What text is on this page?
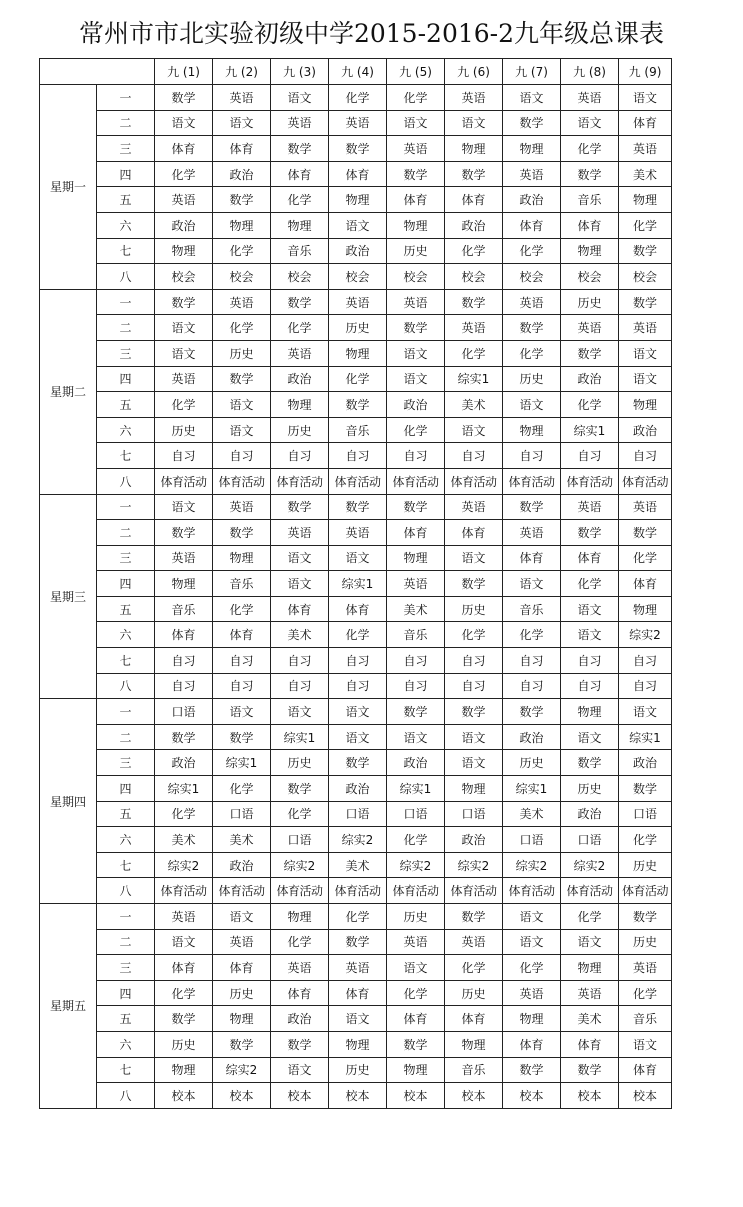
常州市市北实验初级中学2015-2016-2九年级总课表
		九 (1)	九 (2)	九 (3)	九 (4)	九 (5)	九 (6)	九 (7)	九 (8)	九 (9)
星期一	一	数学	英语	语文	化学	化学	英语	语文	英语	语文
	二	语文	语文	英语	英语	语文	语文	数学	语文	体育
	三	体育	体育	数学	数学	英语	物理	物理	化学	英语
	四	化学	政治	体育	体育	数学	数学	英语	数学	美术
	五	英语	数学	化学	物理	体育	体育	政治	音乐	物理
	六	政治	物理	物理	语文	物理	政治	体育	体育	化学
	七	物理	化学	音乐	政治	历史	化学	化学	物理	数学
	八	校会	校会	校会	校会	校会	校会	校会	校会	校会
星期二	一	数学	英语	数学	英语	英语	数学	英语	历史	数学
	二	语文	化学	化学	历史	数学	英语	数学	英语	英语
	三	语文	历史	英语	物理	语文	化学	化学	数学	语文
	四	英语	数学	政治	化学	语文	综实1	历史	政治	语文
	五	化学	语文	物理	数学	政治	美术	语文	化学	物理
	六	历史	语文	历史	音乐	化学	语文	物理	综实1	政治
	七	自习	自习	自习	自习	自习	自习	自习	自习	自习
	八	体育活动	体育活动	体育活动	体育活动	体育活动	体育活动	体育活动	体育活动	体育活动
星期三	一	语文	英语	数学	数学	数学	英语	数学	英语	英语
	二	数学	数学	英语	英语	体育	体育	英语	数学	数学
	三	英语	物理	语文	语文	物理	语文	体育	体育	化学
	四	物理	音乐	语文	综实1	英语	数学	语文	化学	体育
	五	音乐	化学	体育	体育	美术	历史	音乐	语文	物理
	六	体育	体育	美术	化学	音乐	化学	化学	语文	综实2
	七	自习	自习	自习	自习	自习	自习	自习	自习	自习
	八	自习	自习	自习	自习	自习	自习	自习	自习	自习
星期四	一	口语	语文	语文	语文	数学	数学	数学	物理	语文
	二	数学	数学	综实1	语文	语文	语文	政治	语文	综实1
	三	政治	综实1	历史	数学	政治	语文	历史	数学	政治
	四	综实1	化学	数学	政治	综实1	物理	综实1	历史	数学
	五	化学	口语	化学	口语	口语	口语	美术	政治	口语
	六	美术	美术	口语	综实2	化学	政治	口语	口语	化学
	七	综实2	政治	综实2	美术	综实2	综实2	综实2	综实2	历史
	八	体育活动	体育活动	体育活动	体育活动	体育活动	体育活动	体育活动	体育活动	体育活动
星期五	一	英语	语文	物理	化学	历史	数学	语文	化学	数学
	二	语文	英语	化学	数学	英语	英语	语文	语文	历史
	三	体育	体育	英语	英语	语文	化学	化学	物理	英语
	四	化学	历史	体育	体育	化学	历史	英语	英语	化学
	五	数学	物理	政治	语文	体育	体育	物理	美术	音乐
	六	历史	数学	数学	物理	数学	物理	体育	体育	语文
	七	物理	综实2	语文	历史	物理	音乐	数学	数学	体育
	八	校本	校本	校本	校本	校本	校本	校本	校本	校本
